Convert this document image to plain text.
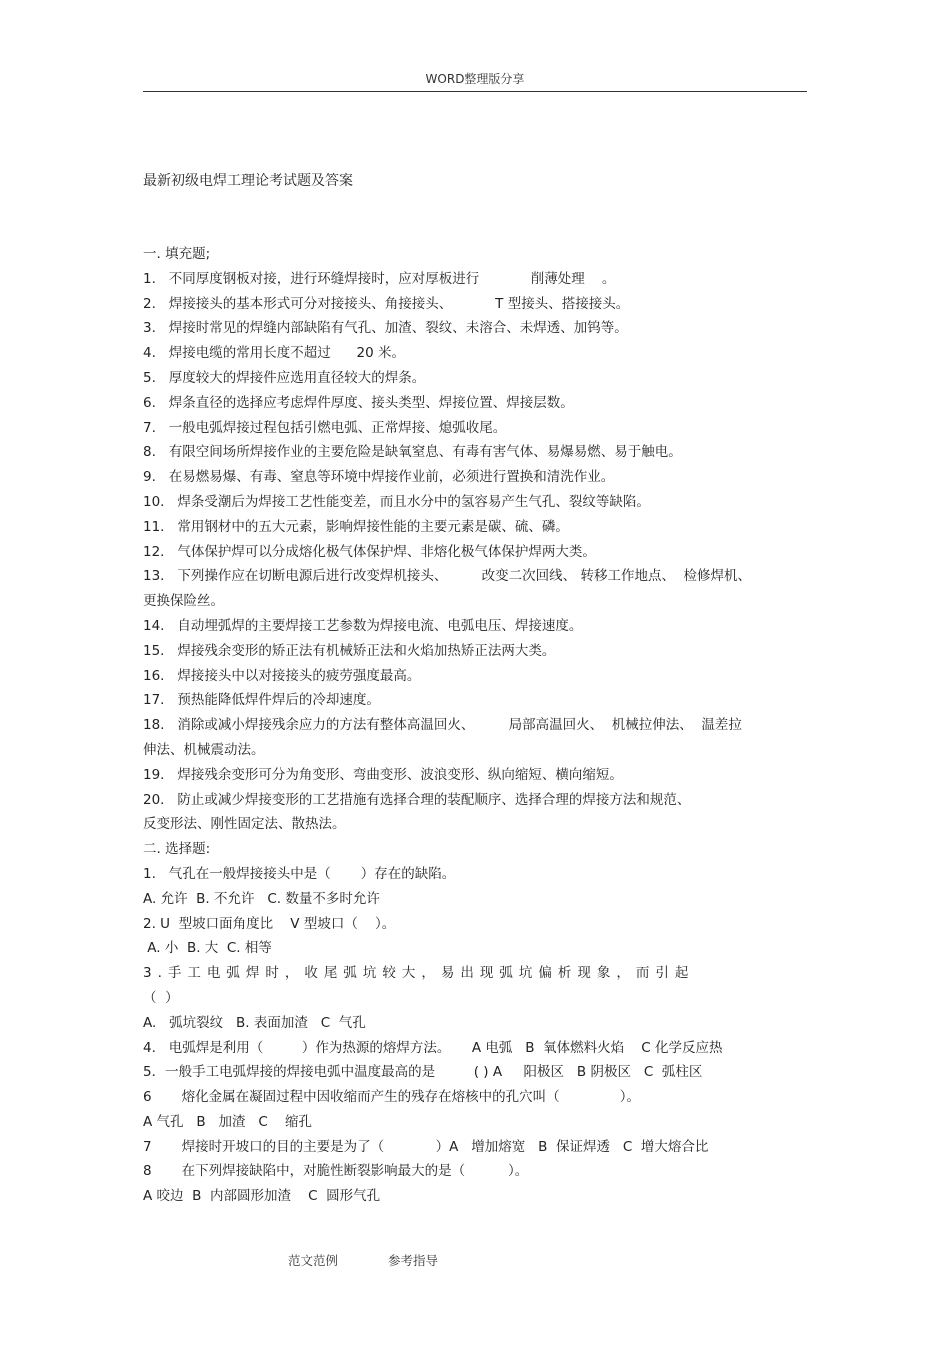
WORD整理版分享
最新初级电焊工理论考试题及答案
一. 填充题;
1.   不同厚度钢板对接，进行环缝焊接时，应对厚板进行            削薄处理    。
2.   焊接接头的基本形式可分对接接头、角接接头、          T 型接头、搭接接头。
3.   焊接时常见的焊缝内部缺陷有气孔、加渣、裂纹、未溶合、未焊透、加钨等。
4.   焊接电缆的常用长度不超过      20 米。
5.   厚度较大的焊接件应选用直径较大的焊条。
6.   焊条直径的选择应考虑焊件厚度、接头类型、焊接位置、焊接层数。
7.   一般电弧焊接过程包括引燃电弧、正常焊接、熄弧收尾。
8.   有限空间场所焊接作业的主要危险是缺氧窒息、有毒有害气体、易爆易燃、易于触电。
9.   在易燃易爆、有毒、窒息等环境中焊接作业前，必须进行置换和清洗作业。
10.   焊条受潮后为焊接工艺性能变差，而且水分中的氢容易产生气孔、裂纹等缺陷。
11.   常用钢材中的五大元素，影响焊接性能的主要元素是碳、硫、磷。
12.   气体保护焊可以分成熔化极气体保护焊、非熔化极气体保护焊两大类。
13.   下列操作应在切断电源后进行改变焊机接头、        改变二次回线、 转移工作地点、  检修焊机、
更换保险丝。
14.   自动埋弧焊的主要焊接工艺参数为焊接电流、电弧电压、焊接速度。
15.   焊接残余变形的矫正法有机械矫正法和火焰加热矫正法两大类。
16.   焊接接头中以对接接头的疲劳强度最高。
17.   预热能降低焊件焊后的冷却速度。
18.   消除或减小焊接残余应力的方法有整体高温回火、        局部高温回火、  机械拉伸法、  温差拉
伸法、机械震动法。
19.   焊接残余变形可分为角变形、弯曲变形、波浪变形、纵向缩短、横向缩短。
20.   防止或减少焊接变形的工艺措施有选择合理的装配顺序、选择合理的焊接方法和规范、
反变形法、刚性固定法、散热法。
二. 选择题:
1.   气孔在一般焊接接头中是（       ）存在的缺陷。
A. 允许  B. 不允许   C. 数量不多时允许
2. U  型坡口面角度比    V 型坡口（    ）。
A. 小  B. 大  C. 相等
3.手工电弧焊时，收尾弧坑较大，易出现弧坑偏析现象，而引起
（  ）
A.   弧坑裂纹   B. 表面加渣   C  气孔
4.   电弧焊是利用（         ）作为热源的熔焊方法。     A 电弧   B  氧体燃料火焰    C 化学反应热
5．一般手工电弧焊接的焊接电弧中温度最高的是         ( ) A     阳极区   B 阴极区   C  弧柱区
6       熔化金属在凝固过程中因收缩而产生的残存在熔核中的孔穴叫（              ）。
A 气孔   B   加渣   C    缩孔
7       焊接时开坡口的目的主要是为了（            ）A   增加熔宽   B  保证焊透   C  增大熔合比
8       在下列焊接缺陷中，对脆性断裂影响最大的是（          ）。
A 咬边  B  内部圆形加渣    C  圆形气孔
范文范例	参考指导
